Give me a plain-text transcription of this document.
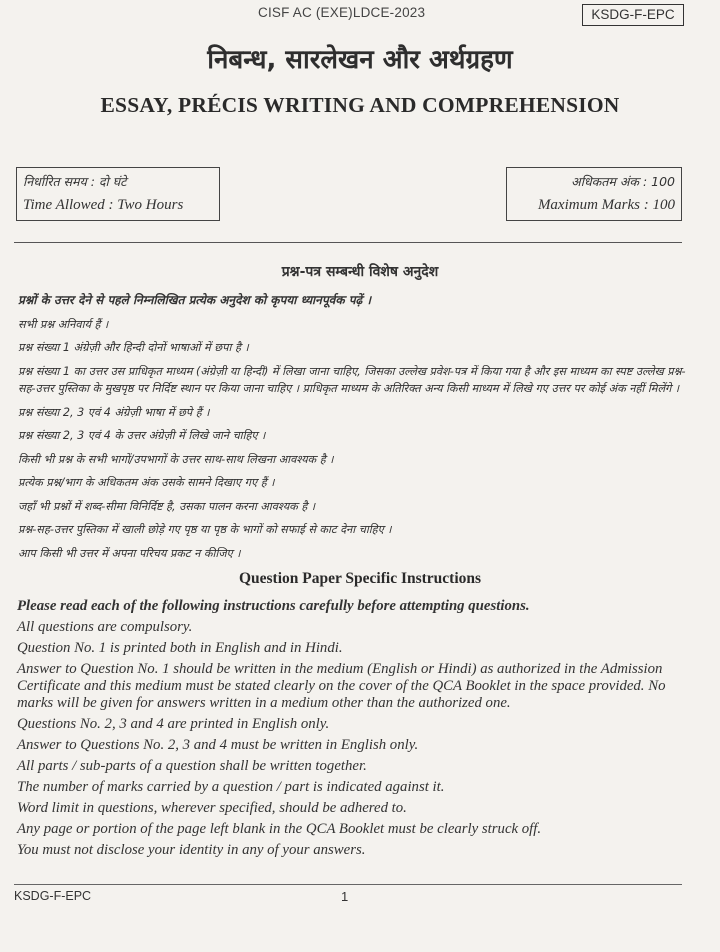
CISF AC (EXE)LDCE-2023	KSDG-F-EPC
निबन्ध, सारलेखन और अर्थग्रहण
ESSAY, PRÉCIS WRITING AND COMPREHENSION
निर्धारित समय : दो घंटे
Time Allowed : Two Hours
अधिकतम अंक : 100
Maximum Marks : 100
प्रश्न-पत्र सम्बन्धी विशेष अनुदेश

प्रश्नों के उत्तर देने से पहले निम्नलिखित प्रत्येक अनुदेश को कृपया ध्यानपूर्वक पढ़ें ।

सभी प्रश्न अनिवार्य हैं ।

प्रश्न संख्या 1 अंग्रेज़ी और हिन्दी दोनों भाषाओं में छपा है ।

प्रश्न संख्या 1 का उत्तर उस प्राधिकृत माध्यम (अंग्रेज़ी या हिन्दी) में लिखा जाना चाहिए, जिसका उल्लेख प्रवेश-पत्र में किया गया है और इस माध्यम का स्पष्ट उल्लेख प्रश्न-सह-उत्तर पुस्तिका के मुखपृष्ठ पर निर्दिष्ट स्थान पर किया जाना चाहिए । प्राधिकृत माध्यम के अतिरिक्त अन्य किसी माध्यम में लिखे गए उत्तर पर कोई अंक नहीं मिलेंगे ।

प्रश्न संख्या 2, 3 एवं 4 अंग्रेज़ी भाषा में छपे हैं ।

प्रश्न संख्या 2, 3 एवं 4 के उत्तर अंग्रेज़ी में लिखे जाने चाहिए ।

किसी भी प्रश्न के सभी भागों/उपभागों के उत्तर साथ-साथ लिखना आवश्यक है ।

प्रत्येक प्रश्न/भाग के अधिकतम अंक उसके सामने दिखाए गए हैं ।

जहाँ भी प्रश्नों में शब्द-सीमा विनिर्दिष्ट है, उसका पालन करना आवश्यक है ।

प्रश्न-सह-उत्तर पुस्तिका में खाली छोड़े गए पृष्ठ या पृष्ठ के भागों को सफाई से काट देना चाहिए ।

आप किसी भी उत्तर में अपना परिचय प्रकट न कीजिए ।

Question Paper Specific Instructions

Please read each of the following instructions carefully before attempting questions.

All questions are compulsory.

Question No. 1 is printed both in English and in Hindi.

Answer to Question No. 1 should be written in the medium (English or Hindi) as authorized in the Admission Certificate and this medium must be stated clearly on the cover of the QCA Booklet in the space provided. No marks will be given for answers written in a medium other than the authorized one.

Questions No. 2, 3 and 4 are printed in English only.

Answer to Questions No. 2, 3 and 4 must be written in English only.

All parts / sub-parts of a question shall be written together.

The number of marks carried by a question / part is indicated against it.

Word limit in questions, wherever specified, should be adhered to.

Any page or portion of the page left blank in the QCA Booklet must be clearly struck off.

You must not disclose your identity in any of your answers.

KSDG-F-EPC	1
